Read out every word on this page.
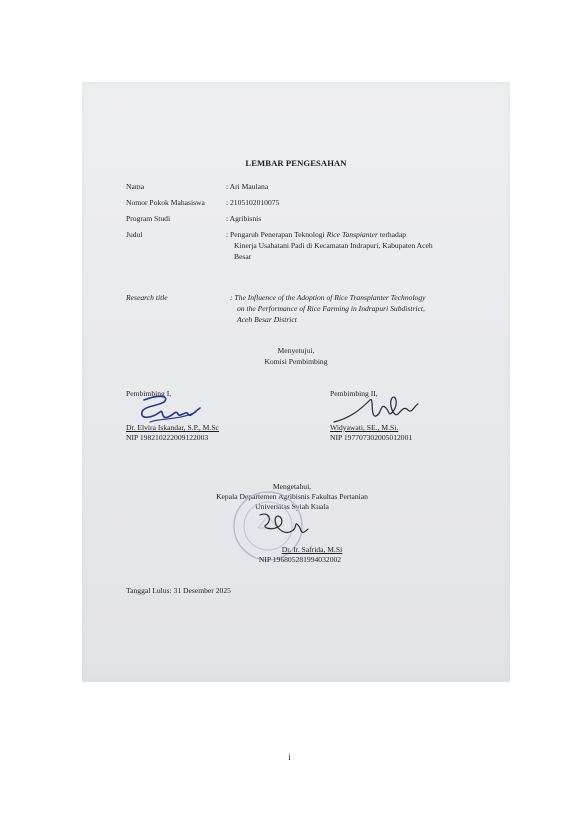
LEMBAR PENGESAHAN
Nama	: Ari Maulana
Nomor Pokok Mahasiswa	: 2105102010075
Program Studi	: Agribisnis
Judul	: Pengaruh Penerapan Teknologi Rice Tanspianter terhadap
Kinerja Usahatani Padi di Kecamatan Indrapuri, Kabupaten Aceh
Besar
Research title	: The Influence of the Adoption of Rice Transplanter Technology
on the Performance of Rice Farming in Indrapuri Subdistrict,
Aceh Besar District
Menyetujui,
Komisi Pembimbing
Pembimbing I,
Dr. Elvira Iskandar, S.P., M.Sc
NIP 198210222009122003
Pembimbing II,
Widyawati, SE., M.Si.
NIP 197707302005012001
Mengetahui,
Kepala Departemen Agribisnis Fakultas Pertanian
Universitas Syiah Kuala
Dr. Ir. Safrida, M.Si
NIP 196805281994032002
Tanggal Lulus: 31 Desember 2025
i
